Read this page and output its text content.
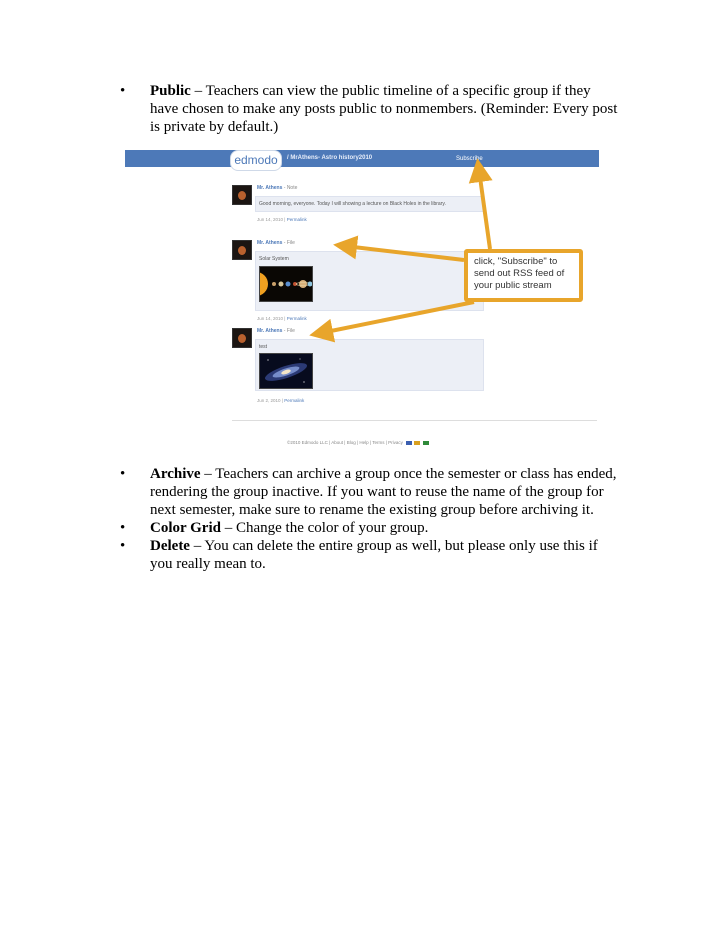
• Public – Teachers can view the public timeline of a specific group if they have chosen to make any posts public to nonmembers. (Reminder: Every post is private by default.)

edmodo	/ MrAthens- Astro history2010	Subscribe
Mr. Athens - Note
Good morning, everyone. Today I will showing a lecture on Black Holes in the library.
Jun 14, 2010 | Permalink
Mr. Athens - File
Solar System
Jun 14, 2010 | Permalink
Mr. Athens - File
test
Jun 2, 2010 | Permalink
©2010 Edmodo LLC | About | Blog | Help | Terms | Privacy
click, "Subscribe" to send out RSS feed of your public stream

• Archive – Teachers can archive a group once the semester or class has ended, rendering the group inactive. If you want to reuse the name of the group for next semester, make sure to rename the existing group before archiving it.

• Color Grid – Change the color of your group.

• Delete – You can delete the entire group as well, but please only use this if you really mean to.
